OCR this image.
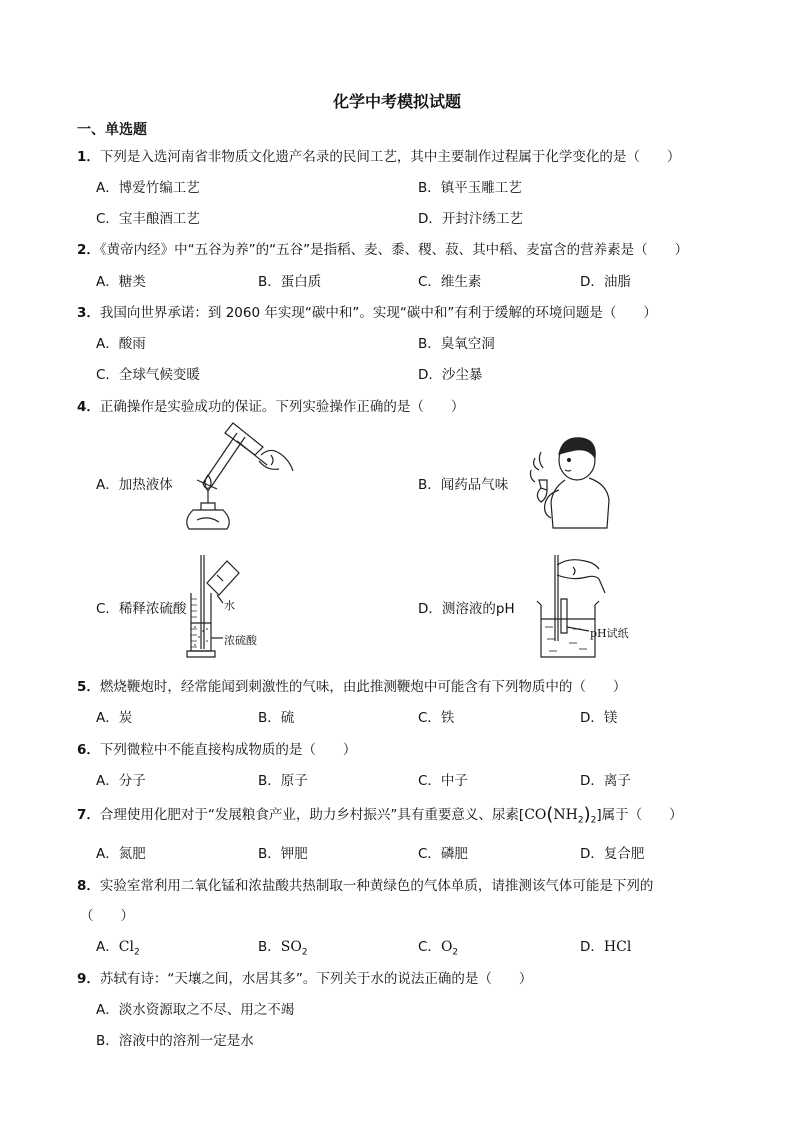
化学中考模拟试题
一、单选题
1．下列是入选河南省非物质文化遗产名录的民间工艺，其中主要制作过程属于化学变化的是（　　）
A．博爱竹编工艺	B．镇平玉雕工艺
C．宝丰酿酒工艺	D．开封汴绣工艺
2．《黄帝内经》中“五谷为养”的“五谷”是指稻、麦、黍、稷、菽、其中稻、麦富含的营养素是（　　）
A．糖类	B．蛋白质	C．维生素	D．油脂
3．我国向世界承诺：到 2060 年实现“碳中和”。实现“碳中和”有利于缓解的环境问题是（　　）
A．酸雨	B．臭氧空洞
C．全球气候变暖	D．沙尘暴
4．正确操作是实验成功的保证。下列实验操作正确的是（　　）
A．加热液体	B．闻药品气味
C．稀释浓硫酸	D．测溶液的pH
水
浓硫酸
pH试纸
5．燃烧鞭炮时，经常能闻到刺激性的气味，由此推测鞭炮中可能含有下列物质中的（　　）
A．炭	B．硫	C．铁	D．镁
6．下列微粒中不能直接构成物质的是（　　）
A．分子	B．原子	C．中子	D．离子
7．合理使用化肥对于“发展粮食产业，助力乡村振兴”具有重要意义、尿素$[CO(NH_2)_2]$属于（　　）
A．氮肥	B．钾肥	C．磷肥	D．复合肥
8．实验室常利用二氧化锰和浓盐酸共热制取一种黄绿色的气体单质，请推测该气体可能是下列的
（　　）
A．$Cl_2$	B．$SO_2$	C．$O_2$	D．HCl
9．苏轼有诗：“天壤之间，水居其多”。下列关于水的说法正确的是（　　）
A．淡水资源取之不尽、用之不竭
B．溶液中的溶剂一定是水
